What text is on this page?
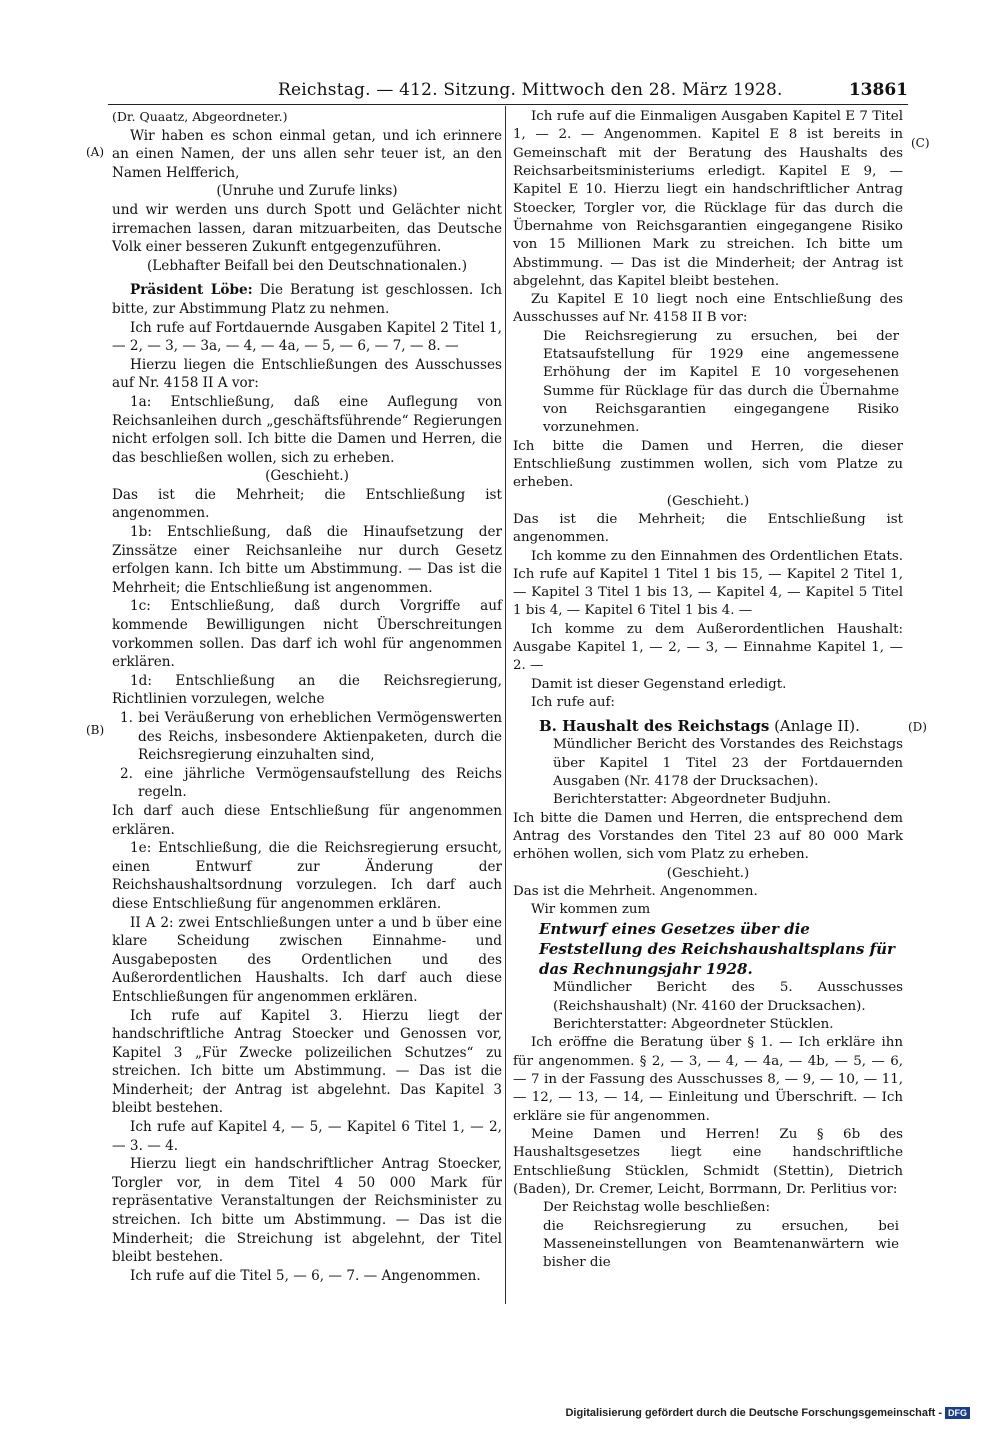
Reichstag. — 412. Sitzung. Mittwoch den 28. März 1928.	13861
(A)
(B)
(C)
(D)

(Dr. Quaatz, Abgeordneter.)

Wir haben es schon einmal getan, und ich erinnere an einen Namen, der uns allen sehr teuer ist, an den Namen Helfferich,

(Unruhe und Zurufe links)

und wir werden uns durch Spott und Gelächter nicht irremachen lassen, daran mitzuarbeiten, das Deutsche Volk einer besseren Zukunft entgegenzuführen.

(Lebhafter Beifall bei den Deutschnationalen.)

Präsident Löbe: Die Beratung ist geschlossen. Ich bitte, zur Abstimmung Platz zu nehmen.

Ich rufe auf Fortdauernde Ausgaben Kapitel 2 Titel 1, — 2, — 3, — 3a, — 4, — 4a, — 5, — 6, — 7, — 8. —

Hierzu liegen die Entschließungen des Ausschusses auf Nr. 4158 II A vor:

1a: Entschließung, daß eine Auflegung von Reichsanleihen durch „geschäftsführende“ Regierungen nicht erfolgen soll. Ich bitte die Damen und Herren, die das beschließen wollen, sich zu erheben.

(Geschieht.)

Das ist die Mehrheit; die Entschließung ist angenommen.

1b: Entschließung, daß die Hinaufsetzung der Zinssätze einer Reichsanleihe nur durch Gesetz erfolgen kann. Ich bitte um Abstimmung. — Das ist die Mehrheit; die Entschließung ist angenommen.

1c: Entschließung, daß durch Vorgriffe auf kommende Bewilligungen nicht Überschreitungen vorkommen sollen. Das darf ich wohl für angenommen erklären.

1d: Entschließung an die Reichsregierung, Richtlinien vorzulegen, welche

1. bei Veräußerung von erheblichen Vermögenswerten des Reichs, insbesondere Aktienpaketen, durch die Reichsregierung einzuhalten sind,

2. eine jährliche Vermögensaufstellung des Reichs regeln.

Ich darf auch diese Entschließung für angenommen erklären.

1e: Entschließung, die die Reichsregierung ersucht, einen Entwurf zur Änderung der Reichshaushaltsordnung vorzulegen. Ich darf auch diese Entschließung für angenommen erklären.

II A 2: zwei Entschließungen unter a und b über eine klare Scheidung zwischen Einnahme- und Ausgabeposten des Ordentlichen und des Außerordentlichen Haushalts. Ich darf auch diese Entschließungen für angenommen erklären.

Ich rufe auf Kapitel 3. Hierzu liegt der handschriftliche Antrag Stoecker und Genossen vor, Kapitel 3 „Für Zwecke polizeilichen Schutzes“ zu streichen. Ich bitte um Abstimmung. — Das ist die Minderheit; der Antrag ist abgelehnt. Das Kapitel 3 bleibt bestehen.

Ich rufe auf Kapitel 4, — 5, — Kapitel 6 Titel 1, — 2, — 3. — 4.

Hierzu liegt ein handschriftlicher Antrag Stoecker, Torgler vor, in dem Titel 4 50 000 Mark für repräsentative Veranstaltungen der Reichsminister zu streichen. Ich bitte um Abstimmung. — Das ist die Minderheit; die Streichung ist abgelehnt, der Titel bleibt bestehen.

Ich rufe auf die Titel 5, — 6, — 7. — Angenommen.

Ich rufe auf die Einmaligen Ausgaben Kapitel E 7 Titel 1, — 2. — Angenommen. Kapitel E 8 ist bereits in Gemeinschaft mit der Beratung des Haushalts des Reichsarbeitsministeriums erledigt. Kapitel E 9, — Kapitel E 10. Hierzu liegt ein handschriftlicher Antrag Stoecker, Torgler vor, die Rücklage für das durch die Übernahme von Reichsgarantien eingegangene Risiko von 15 Millionen Mark zu streichen. Ich bitte um Abstimmung. — Das ist die Minderheit; der Antrag ist abgelehnt, das Kapitel bleibt bestehen.

Zu Kapitel E 10 liegt noch eine Entschließung des Ausschusses auf Nr. 4158 II B vor:

Die Reichsregierung zu ersuchen, bei der Etatsaufstellung für 1929 eine angemessene Erhöhung der im Kapitel E 10 vorgesehenen Summe für Rücklage für das durch die Übernahme von Reichsgarantien eingegangene Risiko vorzunehmen.

Ich bitte die Damen und Herren, die dieser Entschließung zustimmen wollen, sich vom Platze zu erheben.

(Geschieht.)

Das ist die Mehrheit; die Entschließung ist angenommen.

Ich komme zu den Einnahmen des Ordentlichen Etats. Ich rufe auf Kapitel 1 Titel 1 bis 15, — Kapitel 2 Titel 1, — Kapitel 3 Titel 1 bis 13, — Kapitel 4, — Kapitel 5 Titel 1 bis 4, — Kapitel 6 Titel 1 bis 4. —

Ich komme zu dem Außerordentlichen Haushalt: Ausgabe Kapitel 1, — 2, — 3, — Einnahme Kapitel 1, — 2. —

Damit ist dieser Gegenstand erledigt.

Ich rufe auf:

B. Haushalt des Reichstags (Anlage II).

Mündlicher Bericht des Vorstandes des Reichstags über Kapitel 1 Titel 23 der Fortdauernden Ausgaben (Nr. 4178 der Drucksachen).

Berichterstatter: Abgeordneter Budjuhn.

Ich bitte die Damen und Herren, die entsprechend dem Antrag des Vorstandes den Titel 23 auf 80 000 Mark erhöhen wollen, sich vom Platz zu erheben.

(Geschieht.)

Das ist die Mehrheit. Angenommen.

Wir kommen zum

Entwurf eines Gesetzes über die Feststellung des Reichshaushaltsplans für das Rechnungsjahr 1928.

Mündlicher Bericht des 5. Ausschusses (Reichshaushalt) (Nr. 4160 der Drucksachen).

Berichterstatter: Abgeordneter Stücklen.

Ich eröffne die Beratung über § 1. — Ich erkläre ihn für angenommen. § 2, — 3, — 4, — 4a, — 4b, — 5, — 6, — 7 in der Fassung des Ausschusses 8, — 9, — 10, — 11, — 12, — 13, — 14, — Einleitung und Überschrift. — Ich erkläre sie für angenommen.

Meine Damen und Herren! Zu § 6b des Haushaltsgesetzes liegt eine handschriftliche Entschließung Stücklen, Schmidt (Stettin), Dietrich (Baden), Dr. Cremer, Leicht, Borrmann, Dr. Perlitius vor:

Der Reichstag wolle beschließen:

die Reichsregierung zu ersuchen, bei Masseneinstellungen von Beamtenanwärtern wie bisher die

Digitalisierung gefördert durch die Deutsche Forschungsgemeinschaft - DFG
